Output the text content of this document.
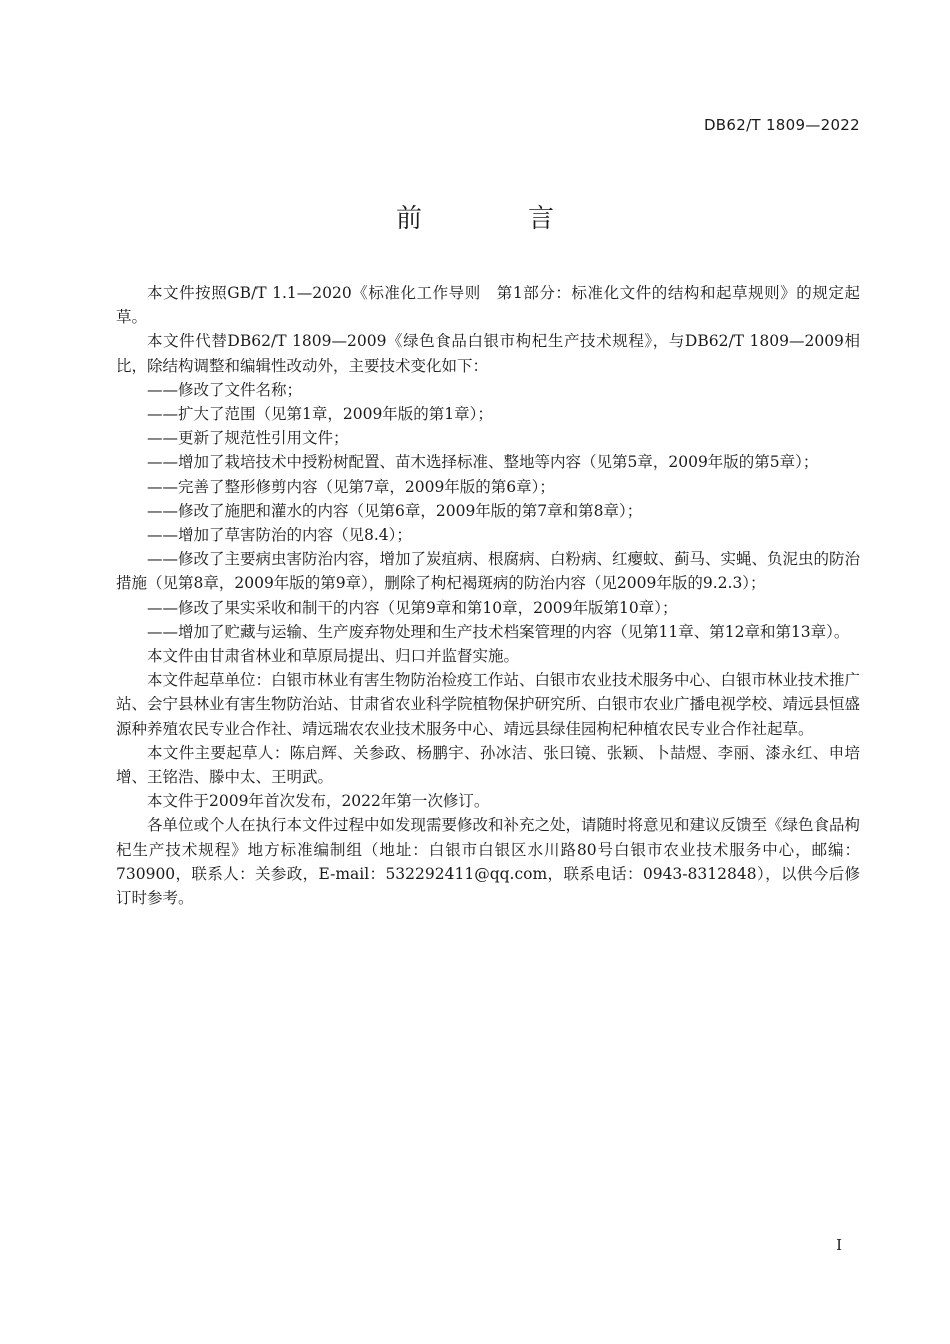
DB62/T 1809—2022
前　言

本文件按照GB/T 1.1—2020《标准化工作导则　第1部分：标准化文件的结构和起草规则》的规定起草。

本文件代替DB62/T 1809—2009《绿色食品白银市枸杞生产技术规程》，与DB62/T 1809—2009相比，除结构调整和编辑性改动外，主要技术变化如下：

——修改了文件名称；

——扩大了范围（见第1章，2009年版的第1章）；

——更新了规范性引用文件；

——增加了栽培技术中授粉树配置、苗木选择标准、整地等内容（见第5章，2009年版的第5章）；

——完善了整形修剪内容（见第7章，2009年版的第6章）；

——修改了施肥和灌水的内容（见第6章，2009年版的第7章和第8章）；

——增加了草害防治的内容（见8.4）；

——修改了主要病虫害防治内容，增加了炭疽病、根腐病、白粉病、红瘿蚊、蓟马、实蝇、负泥虫的防治措施（见第8章，2009年版的第9章），删除了枸杞褐斑病的防治内容（见2009年版的9.2.3）；

——修改了果实采收和制干的内容（见第9章和第10章，2009年版第10章）；

——增加了贮藏与运输、生产废弃物处理和生产技术档案管理的内容（见第11章、第12章和第13章）。

本文件由甘肃省林业和草原局提出、归口并监督实施。

本文件起草单位：白银市林业有害生物防治检疫工作站、白银市农业技术服务中心、白银市林业技术推广站、会宁县林业有害生物防治站、甘肃省农业科学院植物保护研究所、白银市农业广播电视学校、靖远县恒盛源种养殖农民专业合作社、靖远瑞农农业技术服务中心、靖远县绿佳园枸杞种植农民专业合作社起草。

本文件主要起草人：陈启辉、关参政、杨鹏宇、孙冰洁、张曰镜、张颖、卜喆煜、李丽、漆永红、申培增、王铭浩、滕中太、王明武。

本文件于2009年首次发布，2022年第一次修订。

各单位或个人在执行本文件过程中如发现需要修改和补充之处，请随时将意见和建议反馈至《绿色食品枸杞生产技术规程》地方标准编制组（地址：白银市白银区水川路80号白银市农业技术服务中心，邮编：730900，联系人：关参政，E-mail：532292411@qq.com，联系电话：0943-8312848），以供今后修订时参考。

I
